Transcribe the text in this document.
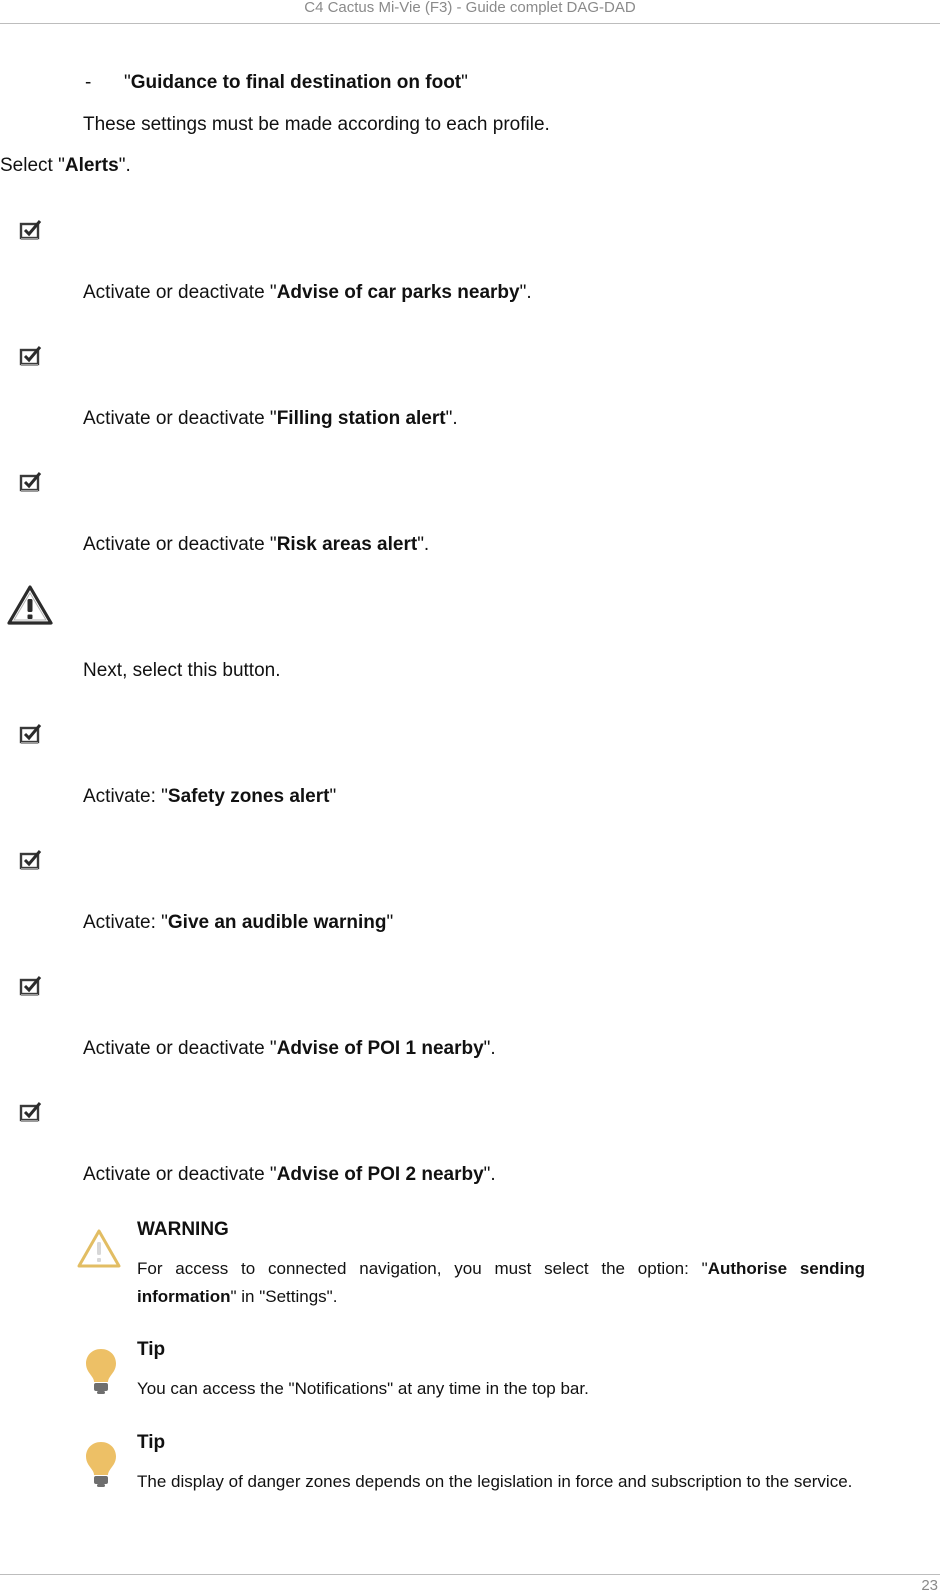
C4 Cactus Mi-Vie (F3) - Guide complet DAG-DAD
- "Guidance to final destination on foot"
These settings must be made according to each profile.
Select "Alerts".
Activate or deactivate "Advise of car parks nearby".
Activate or deactivate "Filling station alert".
Activate or deactivate "Risk areas alert".
Next, select this button.
Activate: "Safety zones alert"
Activate: "Give an audible warning"
Activate or deactivate "Advise of POI 1 nearby".
Activate or deactivate "Advise of POI 2 nearby".
WARNING
For access to connected navigation, you must select the option: "Authorise sending information" in "Settings".
Tip
You can access the "Notifications" at any time in the top bar.
Tip
The display of danger zones depends on the legislation in force and subscription to the service.
23
